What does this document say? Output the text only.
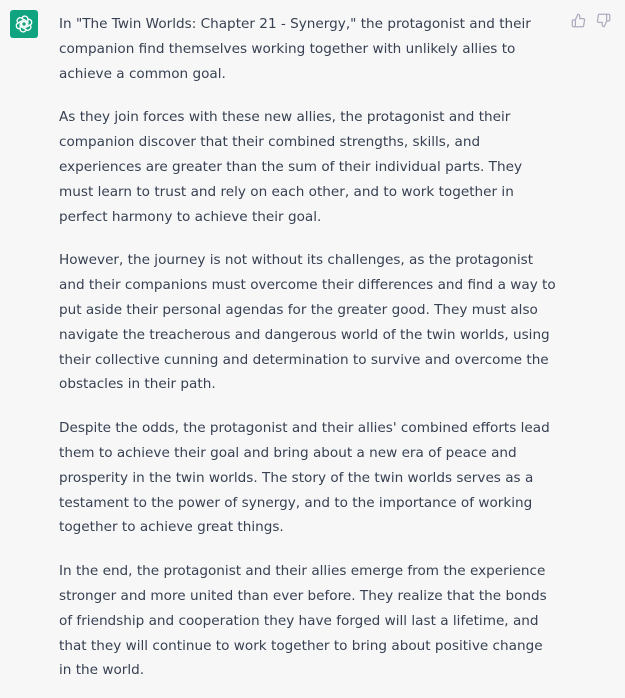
In "The Twin Worlds: Chapter 21 - Synergy," the protagonist and their companion find themselves working together with unlikely allies to achieve a common goal.

As they join forces with these new allies, the protagonist and their companion discover that their combined strengths, skills, and experiences are greater than the sum of their individual parts. They must learn to trust and rely on each other, and to work together in perfect harmony to achieve their goal.

However, the journey is not without its challenges, as the protagonist and their companions must overcome their differences and find a way to put aside their personal agendas for the greater good. They must also navigate the treacherous and dangerous world of the twin worlds, using their collective cunning and determination to survive and overcome the obstacles in their path.

Despite the odds, the protagonist and their allies' combined efforts lead them to achieve their goal and bring about a new era of peace and prosperity in the twin worlds. The story of the twin worlds serves as a testament to the power of synergy, and to the importance of working together to achieve great things.

In the end, the protagonist and their allies emerge from the experience stronger and more united than ever before. They realize that the bonds of friendship and cooperation they have forged will last a lifetime, and that they will continue to work together to bring about positive change in the world.
